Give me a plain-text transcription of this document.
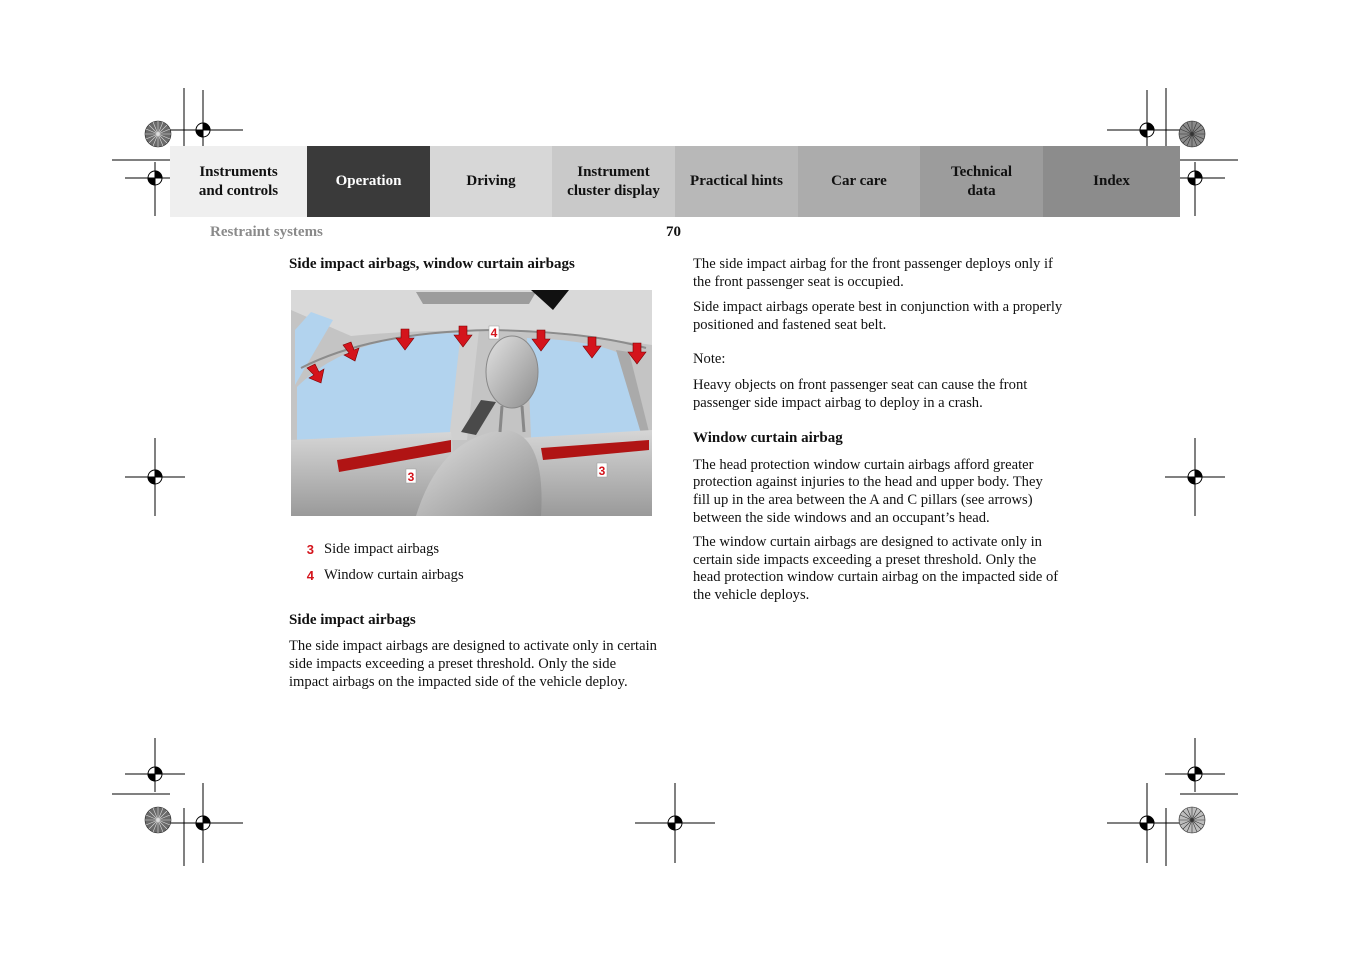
Instruments
and controls
Operation	Driving
Instrument
cluster display
Practical hints	Car care
Technical
data
Index
Restraint systems	70
Side impact airbags, window curtain airbags
3 Side impact airbags
4 Window curtain airbags
Side impact airbags

The side impact airbags are designed to activate only in certain side impacts exceeding a preset threshold. Only the side impact airbags on the impacted side of the vehicle deploy.

4
3	3

The side impact airbag for the front passenger deploys only if the front passenger seat is occupied.

Side impact airbags operate best in conjunction with a properly positioned and fastened seat belt.

Note:

Heavy objects on front passenger seat can cause the front passenger side impact airbag to deploy in a crash.

Window curtain airbag

The head protection window curtain airbags afford greater protection against injuries to the head and upper body. They fill up in the area between the A and C pillars (see arrows) between the side windows and an occupant’s head.

The window curtain airbags are designed to activate only in certain side impacts exceeding a preset threshold. Only the head protection window curtain airbag on the impacted side of the vehicle deploys.
